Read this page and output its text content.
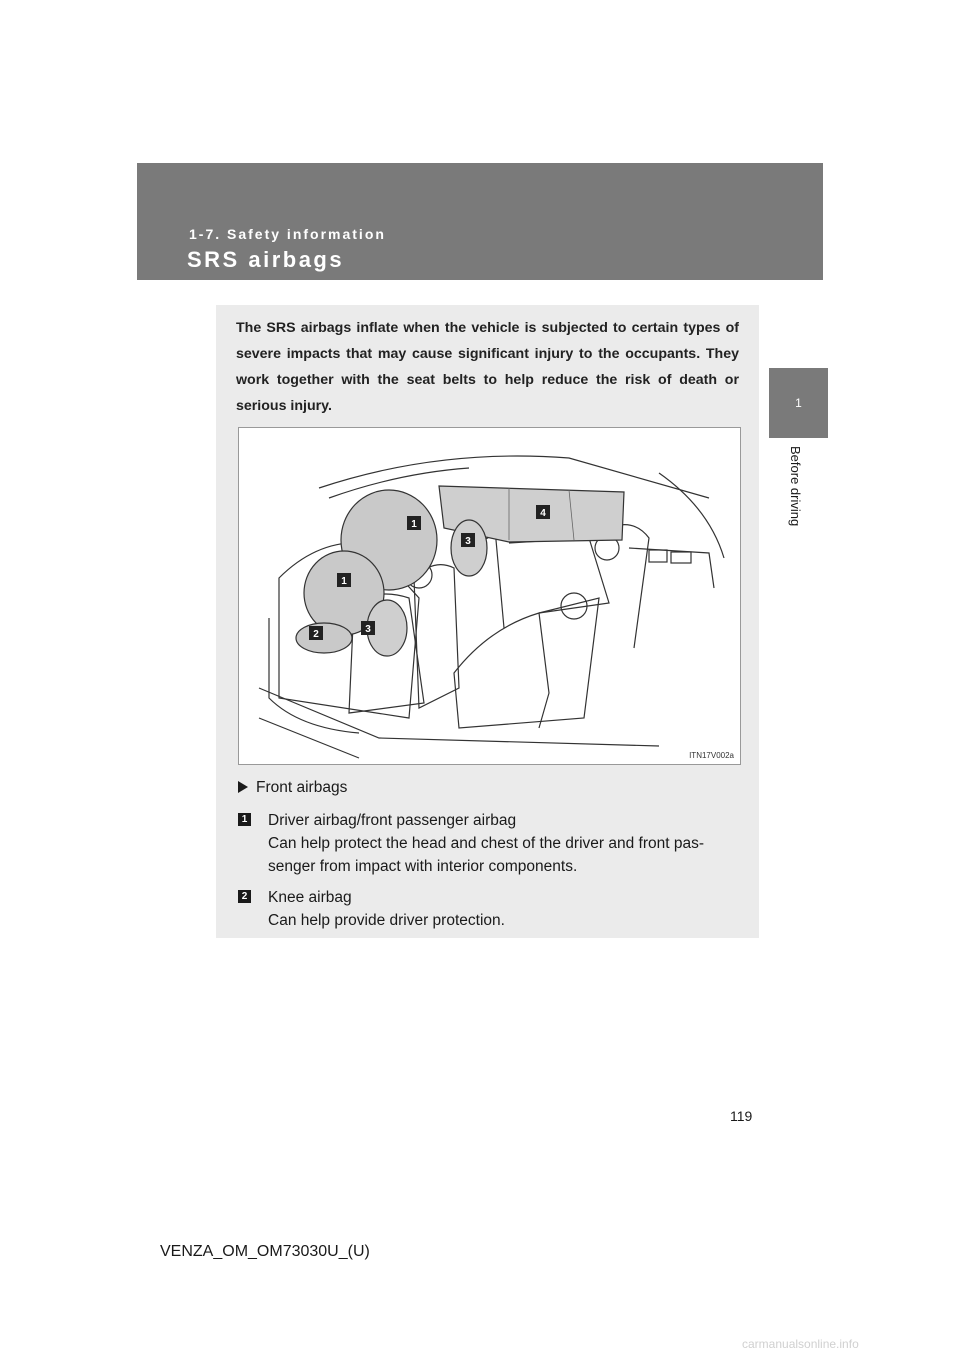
1-7. Safety information
SRS airbags
1
Before driving
The SRS airbags inflate when the vehicle is subjected to certain types of severe impacts that may cause significant injury to the occupants. They work together with the seat belts to help reduce the risk of death or serious injury.
1
1
2
3
3
4
ITN17V002a
Front airbags
1 Driver airbag/front passenger airbag
Can help protect the head and chest of the driver and front pas-
senger from impact with interior components.
2 Knee airbag
Can help provide driver protection.
119
VENZA_OM_OM73030U_(U)
carmanualsonline.info
